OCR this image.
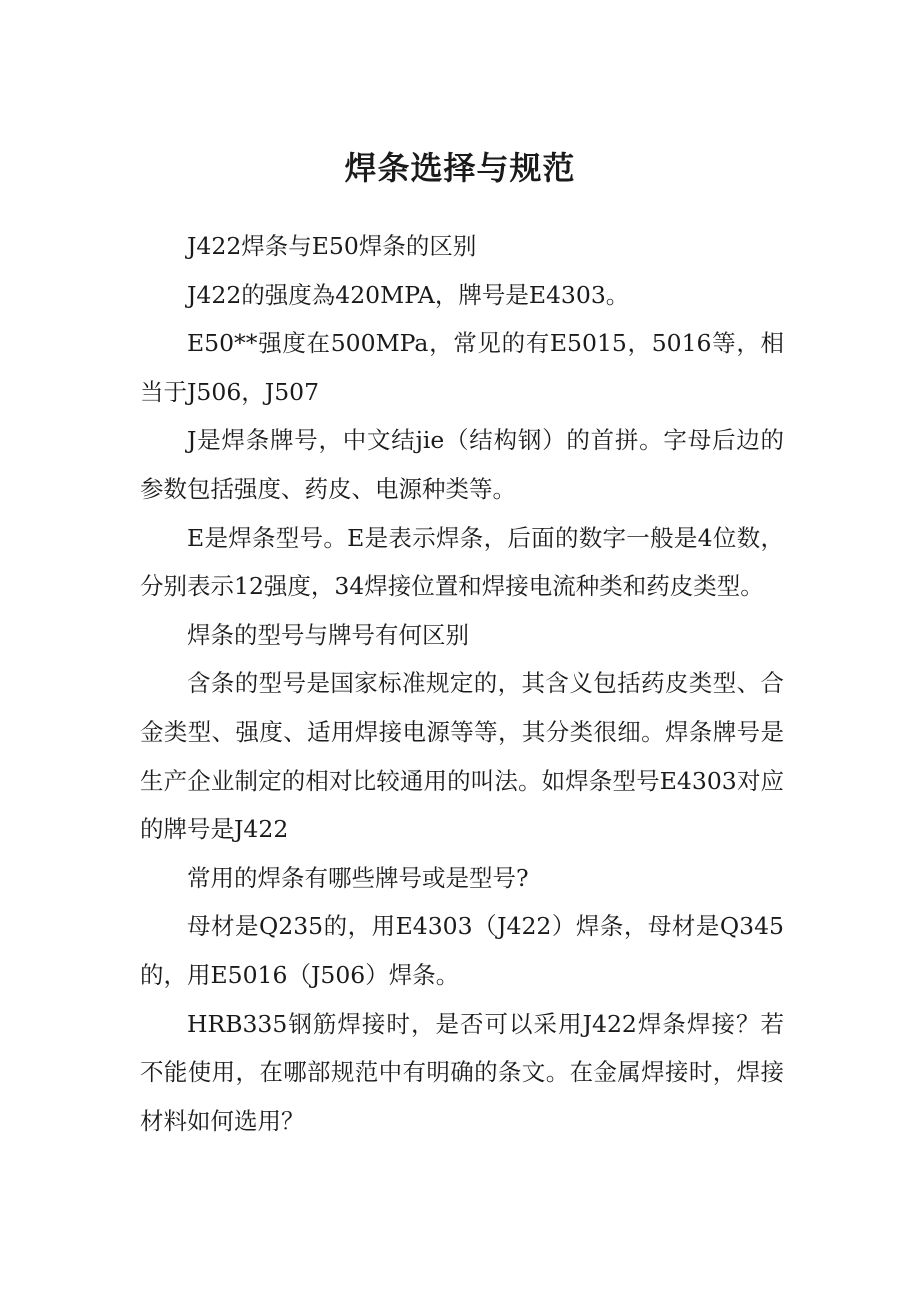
焊条选择与规范

J422焊条与E50焊条的区别

J422的强度為420MPA，牌号是E4303。

E50**强度在500MPa，常见的有E5015，5016等，相当于J506，J507

J是焊条牌号，中文结jie（结构钢）的首拼。字母后边的参数包括强度、药皮、电源种类等。

E是焊条型号。E是表示焊条，后面的数字一般是4位数，分别表示12强度，34焊接位置和焊接电流种类和药皮类型。

焊条的型号与牌号有何区别

含条的型号是国家标准规定的，其含义包括药皮类型、合金类型、强度、适用焊接电源等等，其分类很细。焊条牌号是生产企业制定的相对比较通用的叫法。如焊条型号E4303对应的牌号是J422

常用的焊条有哪些牌号或是型号?

母材是Q235的，用E4303（J422）焊条，母材是Q345的，用E5016（J506）焊条。

HRB335钢筋焊接时，是否可以采用J422焊条焊接？若不能使用，在哪部规范中有明确的条文。在金属焊接时，焊接材料如何选用？
